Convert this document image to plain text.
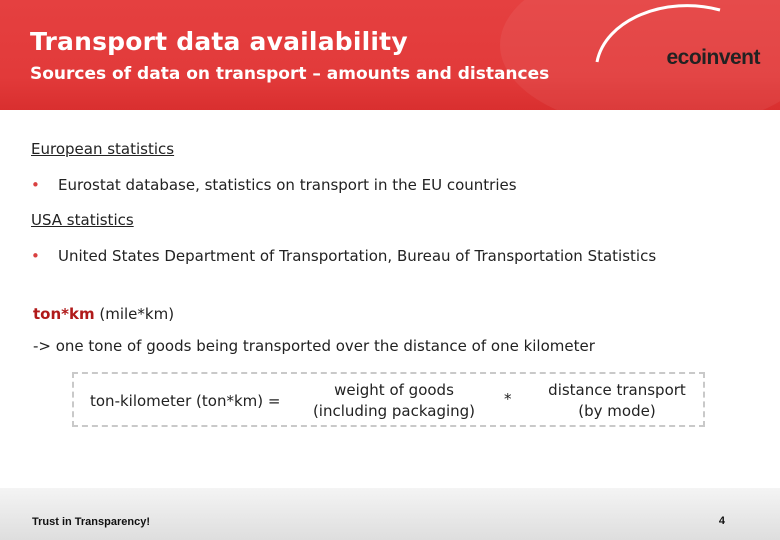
Transport data availability
Sources of data on transport – amounts and distances
ecoinvent
European statistics
• Eurostat database, statistics on transport in the EU countries
USA statistics
• United States Department of Transportation, Bureau of Transportation Statistics
ton*km (mile*km)
-> one tone of goods being transported over the distance of one kilometer
ton-kilometer (ton*km) =
weight of goods
(including packaging)
*	distance transport
(by mode)
Trust in Transparency!	4
